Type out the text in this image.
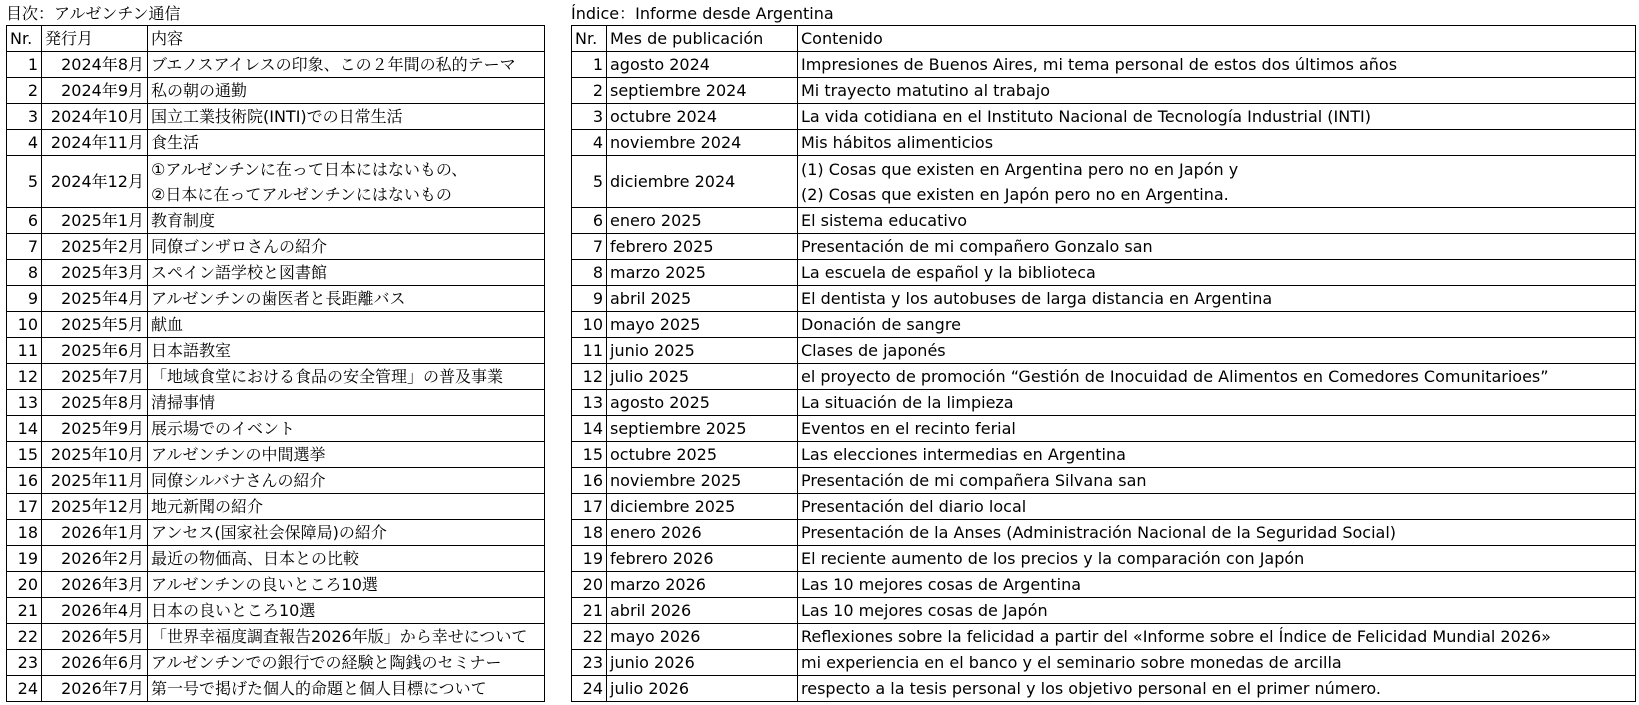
目次：アルゼンチン通信
Nr.	発行月	内容
1	2024年8月	ブエノスアイレスの印象、この２年間の私的テーマ

2	2024年9月	私の朝の通勤

3	2024年10月	国立工業技術院(INTI)での日常生活

4	2024年11月	食生活

5	2024年12月	①アルゼンチンに在って日本にはないもの、
②日本に在ってアルゼンチンにはないもの

6	2025年1月	教育制度

7	2025年2月	同僚ゴンザロさんの紹介

8	2025年3月	スペイン語学校と図書館

9	2025年4月	アルゼンチンの歯医者と長距離バス

10	2025年5月	献血

11	2025年6月	日本語教室

12	2025年7月	「地域食堂における食品の安全管理」の普及事業

13	2025年8月	清掃事情

14	2025年9月	展示場でのイベント

15	2025年10月	アルゼンチンの中間選挙

16	2025年11月	同僚シルバナさんの紹介

17	2025年12月	地元新聞の紹介

18	2026年1月	アンセス(国家社会保障局)の紹介

19	2026年2月	最近の物価高、日本との比較

20	2026年3月	アルゼンチンの良いところ10選

21	2026年4月	日本の良いところ10選

22	2026年5月	「世界幸福度調査報告2026年版」から幸せについて

23	2026年6月	アルゼンチンでの銀行での経験と陶銭のセミナー

24	2026年7月	第一号で掲げた個人的命題と個人目標について
Índice：Informe desde Argentina
Nr.	Mes de publicación	Contenido
1	agosto 2024	Impresiones de Buenos Aires, mi tema personal de estos dos últimos años

2	septiembre 2024	Mi trayecto matutino al trabajo

3	octubre 2024	La vida cotidiana en el Instituto Nacional de Tecnología Industrial (INTI)

4	noviembre 2024	Mis hábitos alimenticios

5	diciembre 2024	(1) Cosas que existen en Argentina pero no en Japón y
(2) Cosas que existen en Japón pero no en Argentina.

6	enero 2025	El sistema educativo

7	febrero 2025	Presentación de mi compañero Gonzalo san

8	marzo 2025	La escuela de español y la biblioteca

9	abril 2025	El dentista y los autobuses de larga distancia en Argentina

10	mayo 2025	Donación de sangre

11	junio 2025	Clases de japonés

12	julio 2025	el proyecto de promoción “Gestión de Inocuidad de Alimentos en Comedores Comunitarioes”

13	agosto 2025	La situación de la limpieza

14	septiembre 2025	Eventos en el recinto ferial

15	octubre 2025	Las elecciones intermedias en Argentina

16	noviembre 2025	Presentación de mi compañera Silvana san

17	diciembre 2025	Presentación del diario local

18	enero 2026	Presentación de la Anses (Administración Nacional de la Seguridad Social)

19	febrero 2026	El reciente aumento de los precios y la comparación con Japón

20	marzo 2026	Las 10 mejores cosas de Argentina

21	abril 2026	Las 10 mejores cosas de Japón

22	mayo 2026	Reflexiones sobre la felicidad a partir del «Informe sobre el Índice de Felicidad Mundial 2026»

23	junio 2026	mi experiencia en el banco y el seminario sobre monedas de arcilla

24	julio 2026	respecto a la tesis personal y los objetivo personal en el primer número.
